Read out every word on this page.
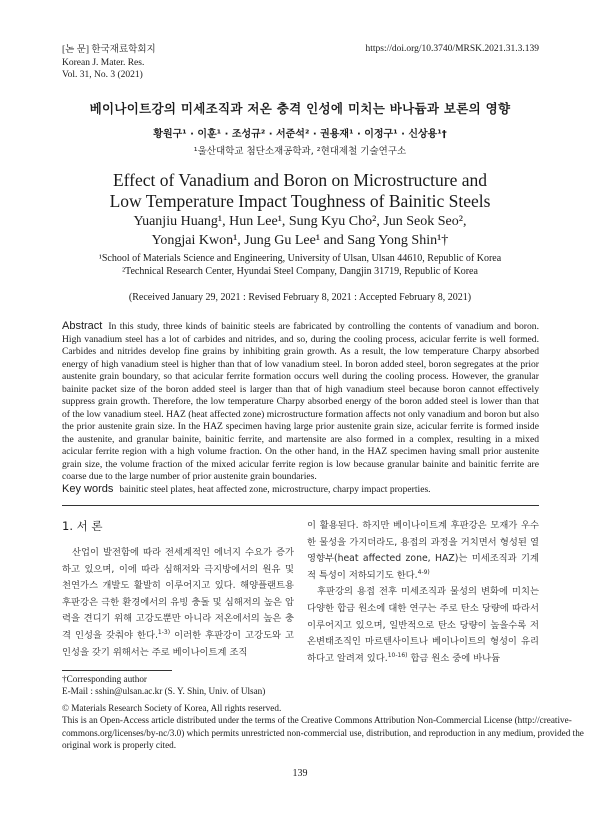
[논 문] 한국재료학회지
Korean J. Mater. Res.
Vol. 31, No. 3 (2021)
https://doi.org/10.3740/MRSK.2021.31.3.139
베이나이트강의 미세조직과 저온 충격 인성에 미치는 바나듐과 보론의 영향
황원구¹ · 이훈¹ · 조성규² · 서준석² · 권용재¹ · 이정구¹ · 신상용¹†
¹울산대학교 첨단소재공학과, ²현대제철 기술연구소
Effect of Vanadium and Boron on Microstructure and
Low Temperature Impact Toughness of Bainitic Steels
Yuanjiu Huang¹, Hun Lee¹, Sung Kyu Cho², Jun Seok Seo²,
Yongjai Kwon¹, Jung Gu Lee¹ and Sang Yong Shin¹†
¹School of Materials Science and Engineering, University of Ulsan, Ulsan 44610, Republic of Korea
²Technical Research Center, Hyundai Steel Company, Dangjin 31719, Republic of Korea
(Received January 29, 2021 : Revised February 8, 2021 : Accepted February 8, 2021)
Abstract In this study, three kinds of bainitic steels are fabricated by controlling the contents of vanadium and boron. High vanadium steel has a lot of carbides and nitrides, and so, during the cooling process, acicular ferrite is well formed. Carbides and nitrides develop fine grains by inhibiting grain growth. As a result, the low temperature Charpy absorbed energy of high vanadium steel is higher than that of low vanadium steel. In boron added steel, boron segregates at the prior austenite grain boundary, so that acicular ferrite formation occurs well during the cooling process. However, the granular bainite packet size of the boron added steel is larger than that of high vanadium steel because boron cannot effectively suppress grain growth. Therefore, the low temperature Charpy absorbed energy of the boron added steel is lower than that of the low vanadium steel. HAZ (heat affected zone) microstructure formation affects not only vanadium and boron but also the prior austenite grain size. In the HAZ specimen having large prior austenite grain size, acicular ferrite is formed inside the austenite, and granular bainite, bainitic ferrite, and martensite are also formed in a complex, resulting in a mixed acicular ferrite region with a high volume fraction. On the other hand, in the HAZ specimen having small prior austenite grain size, the volume fraction of the mixed acicular ferrite region is low because granular bainite and bainitic ferrite are coarse due to the large number of prior austenite grain boundaries.
Key words bainitic steel plates, heat affected zone, microstructure, charpy impact properties.
1. 서 론

산업이 발전함에 따라 전세계적인 에너지 수요가 증가하고 있으며, 이에 따라 심해저와 극지방에서의 원유 및 천연가스 개발도 활발히 이루어지고 있다. 해양플랜트용 후판강은 극한 환경에서의 유빙 충돌 및 심해저의 높은 압력을 견디기 위해 고강도뿐만 아니라 저온에서의 높은 충격 인성을 갖춰야 한다.$^{1-3)}$ 이러한 후판강이 고강도와 고인성을 갖기 위해서는 주로 베이나이트계 조직

이 활용된다. 하지만 베이나이트계 후판강은 모재가 우수한 물성을 가지더라도, 용접의 과정을 거치면서 형성된 열영향부(heat affected zone, HAZ)는 미세조직과 기계적 특성이 저하되기도 한다.$^{4-9)}$

후판강의 용접 전후 미세조직과 물성의 변화에 미치는 다양한 합금 원소에 대한 연구는 주로 탄소 당량에 따라서 이루어지고 있으며, 일반적으로 탄소 당량이 높을수록 저온변태조직인 마르텐사이트나 베이나이트의 형성이 유리하다고 알려져 있다.$^{10-16)}$ 합금 원소 중에 바나듐

†Corresponding author
E-Mail : sshin@ulsan.ac.kr (S. Y. Shin, Univ. of Ulsan)
© Materials Research Society of Korea, All rights reserved.
This is an Open-Access article distributed under the terms of the Creative Commons Attribution Non-Commercial License (http://creative-
commons.org/licenses/by-nc/3.0) which permits unrestricted non-commercial use, distribution, and reproduction in any medium, provided the
original work is properly cited.
139
